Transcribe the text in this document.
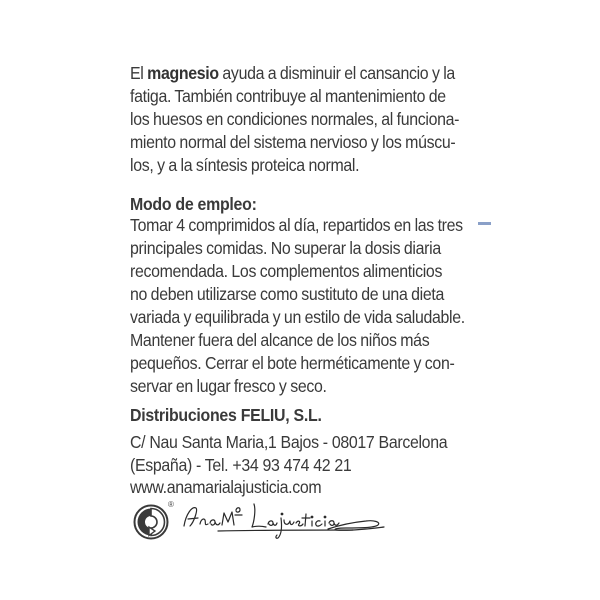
El magnesio ayuda a disminuir el cansancio y la
fatiga. También contribuye al mantenimiento de
los huesos en condiciones normales, al funciona-
miento normal del sistema nervioso y los múscu-
los, y a la síntesis proteica normal.
Modo de empleo:
Tomar 4 comprimidos al día, repartidos en las tres
principales comidas. No superar la dosis diaria
recomendada. Los complementos alimenticios
no deben utilizarse como sustituto de una dieta
variada y equilibrada y un estilo de vida saludable.
Mantener fuera del alcance de los niños más
pequeños. Cerrar el bote herméticamente y con-
servar en lugar fresco y seco.
Distribuciones FELIU, S.L.
C/ Nau Santa Maria,1 Bajos - 08017 Barcelona
(España) - Tel. +34 93 474 42 21
www.anamarialajusticia.com
®
